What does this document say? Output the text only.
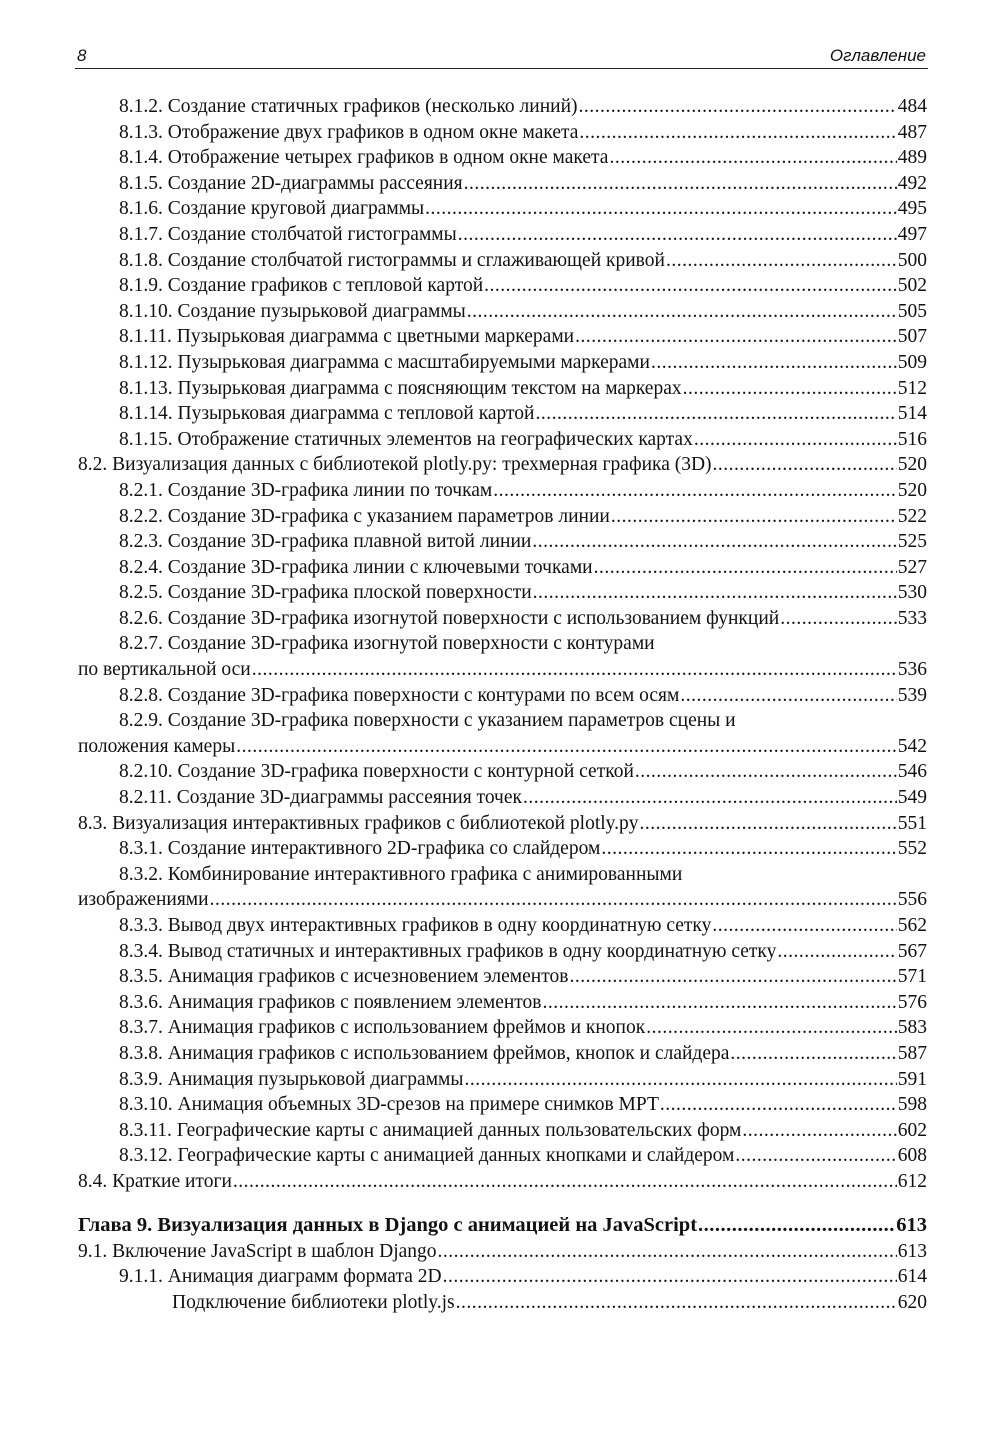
8	Оглавление
8.1.2. Создание статичных графиков (несколько линий) .....	484
8.1.3. Отображение двух графиков в одном окне макета .....	487
8.1.4. Отображение четырех графиков в одном окне макета .....	489
8.1.5. Создание 2D-диаграммы рассеяния .....	492
8.1.6. Создание круговой диаграммы .....	495
8.1.7. Создание столбчатой гистограммы .....	497
8.1.8. Создание столбчатой гистограммы и сглаживающей кривой .....	500
8.1.9. Создание графиков с тепловой картой .....	502
8.1.10. Создание пузырьковой диаграммы .....	505
8.1.11. Пузырьковая диаграмма с цветными маркерами .....	507
8.1.12. Пузырьковая диаграмма с масштабируемыми маркерами .....	509
8.1.13. Пузырьковая диаграмма с поясняющим текстом на маркерах .....	512
8.1.14. Пузырьковая диаграмма с тепловой картой .....	514
8.1.15. Отображение статичных элементов на географических картах .....	516
8.2. Визуализация данных с библиотекой plotly.py: трехмерная графика (3D) .....	520
8.2.1. Создание 3D-графика линии по точкам .....	520
8.2.2. Создание 3D-графика с указанием параметров линии .....	522
8.2.3. Создание 3D-графика плавной витой линии .....	525
8.2.4. Создание 3D-графика линии с ключевыми точками .....	527
8.2.5. Создание 3D-графика плоской поверхности .....	530
8.2.6. Создание 3D-графика изогнутой поверхности с использованием функций .....	533
8.2.7. Создание 3D-графика изогнутой поверхности с контурами
по вертикальной оси .....	536
8.2.8. Создание 3D-графика поверхности с контурами по всем осям .....	539
8.2.9. Создание 3D-графика поверхности с указанием параметров сцены и
положения камеры .....	542
8.2.10. Создание 3D-графика поверхности с контурной сеткой .....	546
8.2.11. Создание 3D-диаграммы рассеяния точек .....	549
8.3. Визуализация интерактивных графиков с библиотекой plotly.py .....	551
8.3.1. Создание интерактивного 2D-графика со слайдером .....	552
8.3.2. Комбинирование интерактивного графика с анимированными
изображениями .....	556
8.3.3. Вывод двух интерактивных графиков в одну координатную сетку .....	562
8.3.4. Вывод статичных и интерактивных графиков в одну координатную сетку .....	567
8.3.5. Анимация графиков с исчезновением элементов .....	571
8.3.6. Анимация графиков с появлением элементов .....	576
8.3.7. Анимация графиков с использованием фреймов и кнопок .....	583
8.3.8. Анимация графиков с использованием фреймов, кнопок и слайдера .....	587
8.3.9. Анимация пузырьковой диаграммы .....	591
8.3.10. Анимация объемных 3D-срезов на примере снимков МРТ .....	598
8.3.11. Географические карты с анимацией данных пользовательских форм .....	602
8.3.12. Географические карты с анимацией данных кнопками и слайдером .....	608
8.4. Краткие итоги .....	612
Глава 9. Визуализация данных в Django с анимацией на JavaScript .....	613
9.1. Включение JavaScript в шаблон Django .....	613
9.1.1. Анимация диаграмм формата 2D .....	614
Подключение библиотеки plotly.js .....	620
